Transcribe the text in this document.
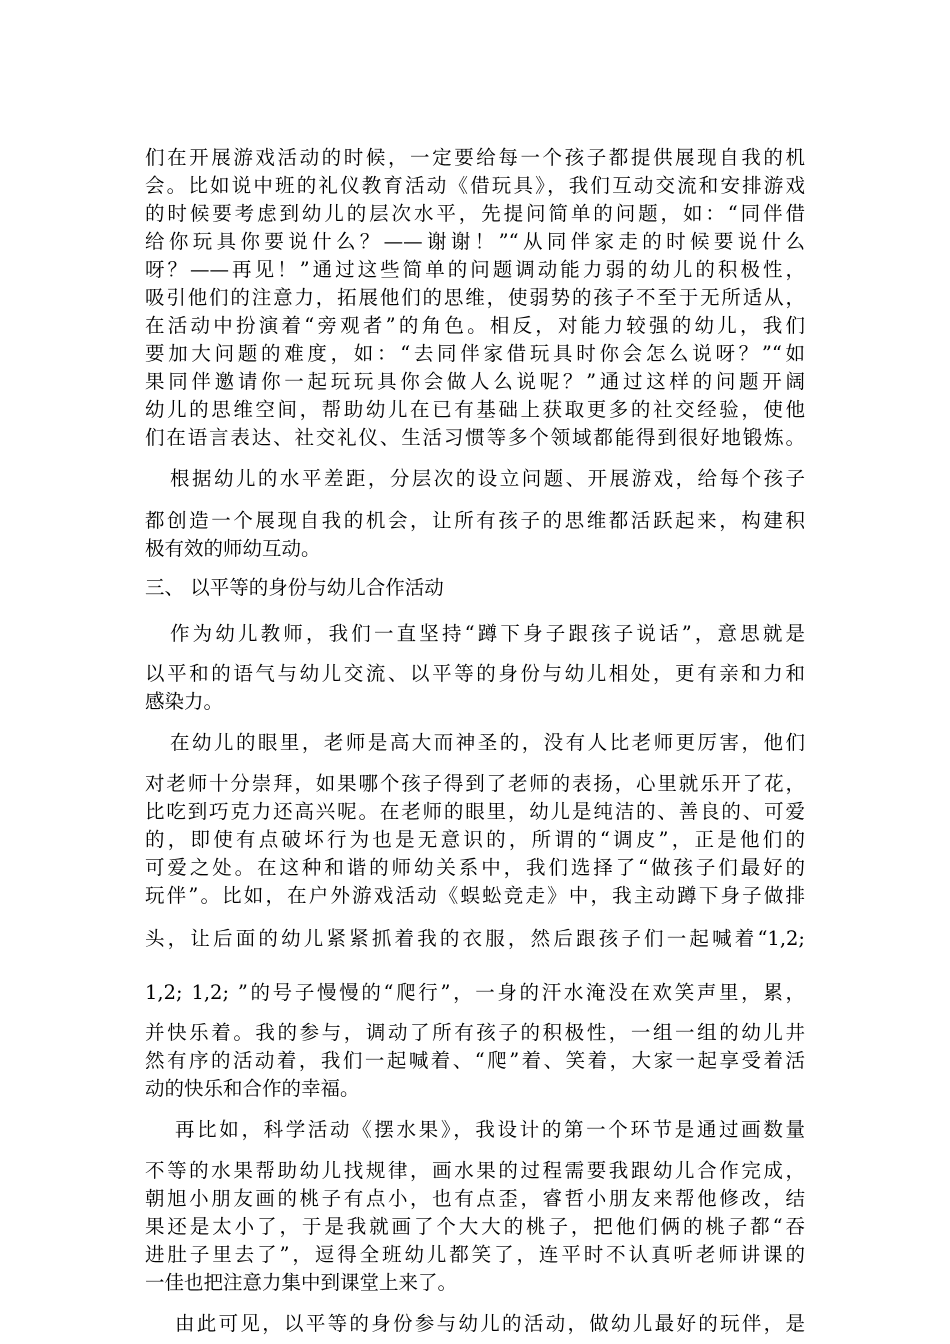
们在开展游戏活动的时候，一定要给每一个孩子都提供展现自我的机
会。比如说中班的礼仪教育活动《借玩具》，我们互动交流和安排游戏
的时候要考虑到幼儿的层次水平，先提问简单的问题，如：“同伴借
给你玩具你要说什么？——谢谢！”“从同伴家走的时候要说什么
呀？——再见！”通过这些简单的问题调动能力弱的幼儿的积极性，
吸引他们的注意力，拓展他们的思维，使弱势的孩子不至于无所适从，
在活动中扮演着“旁观者”的角色。相反，对能力较强的幼儿，我们
要加大问题的难度，如：“去同伴家借玩具时你会怎么说呀？”“如
果同伴邀请你一起玩玩具你会做人么说呢？”通过这样的问题开阔
幼儿的思维空间，帮助幼儿在已有基础上获取更多的社交经验，使他
们在语言表达、社交礼仪、生活习惯等多个领域都能得到很好地锻炼。
根据幼儿的水平差距，分层次的设立问题、开展游戏，给每个孩子
都创造一个展现自我的机会，让所有孩子的思维都活跃起来，构建积
极有效的师幼互动。
三、 以平等的身份与幼儿合作活动
作为幼儿教师，我们一直坚持“蹲下身子跟孩子说话”，意思就是
以平和的语气与幼儿交流、以平等的身份与幼儿相处，更有亲和力和
感染力。
在幼儿的眼里，老师是高大而神圣的，没有人比老师更厉害，他们
对老师十分崇拜，如果哪个孩子得到了老师的表扬，心里就乐开了花，
比吃到巧克力还高兴呢。在老师的眼里，幼儿是纯洁的、善良的、可爱
的，即使有点破坏行为也是无意识的，所谓的“调皮”，正是他们的
可爱之处。在这种和谐的师幼关系中，我们选择了“做孩子们最好的
玩伴”。比如，在户外游戏活动《蜈蚣竞走》中，我主动蹲下身子做排
头，让后面的幼儿紧紧抓着我的衣服，然后跟孩子们一起喊着“1,2;
1,2; 1,2; ”的号子慢慢的“爬行”，一身的汗水淹没在欢笑声里，累，
并快乐着。我的参与，调动了所有孩子的积极性，一组一组的幼儿井
然有序的活动着，我们一起喊着、“爬”着、笑着，大家一起享受着活
动的快乐和合作的幸福。
再比如，科学活动《摆水果》，我设计的第一个环节是通过画数量
不等的水果帮助幼儿找规律，画水果的过程需要我跟幼儿合作完成，
朝旭小朋友画的桃子有点小，也有点歪，睿哲小朋友来帮他修改，结
果还是太小了，于是我就画了个大大的桃子，把他们俩的桃子都“吞
进肚子里去了”，逗得全班幼儿都笑了，连平时不认真听老师讲课的
一佳也把注意力集中到课堂上来了。
由此可见，以平等的身份参与幼儿的活动，做幼儿最好的玩伴，是
